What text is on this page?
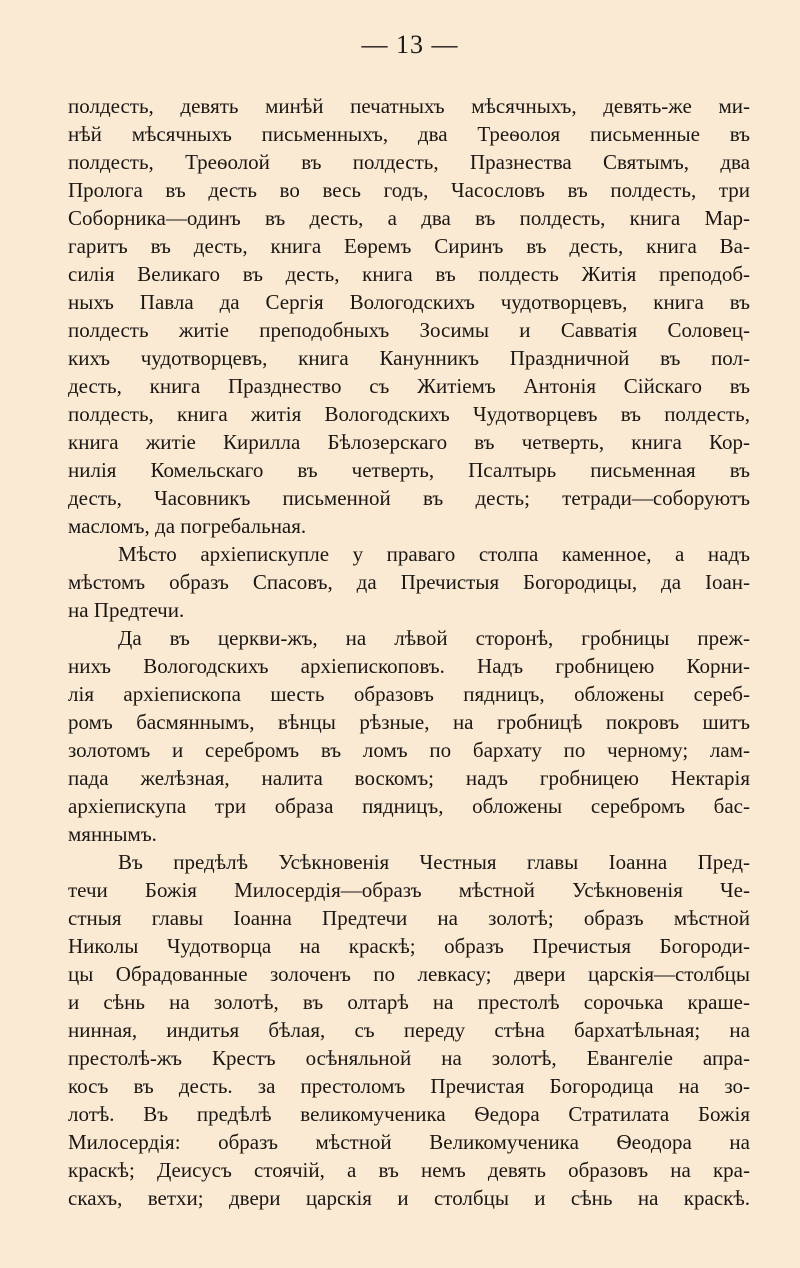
— 13 —
полдесть, девять минѣй печатныхъ мѣсячныхъ, девять-же ми-
нѣй мѣсячныхъ письменныхъ, два Треѳолоя письменные въ
полдесть, Треѳолой въ полдесть, Празнества Святымъ, два
Пролога въ десть во весь годъ, Часословъ въ полдесть, три
Соборника—одинъ въ десть, а два въ полдесть, книга Мар-
гаритъ въ десть, книга Еѳремъ Сиринъ въ десть, книга Ва-
силія Великаго въ десть, книга въ полдесть Житія преподоб-
ныхъ Павла да Сергія Вологодскихъ чудотворцевъ, книга въ
полдесть житіе преподобныхъ Зосимы и Савватія Соловец-
кихъ чудотворцевъ, книга Канунникъ Праздничной въ пол-
десть, книга Празднество съ Житіемъ Антонія Сійскаго въ
полдесть, книга житія Вологодскихъ Чудотворцевъ въ полдесть,
книга житіе Кирилла Бѣлозерскаго въ четверть, книга Кор-
нилія Комельскаго въ четверть, Псалтырь письменная въ
десть, Часовникъ письменной въ десть; тетради—соборуютъ
масломъ, да погребальная.
Мѣсто архіепискупле у праваго столпа каменное, а надъ
мѣстомъ образъ Спасовъ, да Пречистыя Богородицы, да Іоан-
на Предтечи.
Да въ церкви-жъ, на лѣвой сторонѣ, гробницы преж-
нихъ Вологодскихъ архіепископовъ. Надъ гробницею Корни-
лія архіепископа шесть образовъ пядницъ, обложены сереб-
ромъ басмяннымъ, вѣнцы рѣзные, на гробницѣ покровъ шитъ
золотомъ и серебромъ въ ломъ по бархату по черному; лам-
пада желѣзная, налита воскомъ; надъ гробницею Нектарія
архіепискупа три образа пядницъ, обложены серебромъ бас-
мяннымъ.
Въ предѣлѣ Усѣкновенія Честныя главы Іоанна Пред-
течи Божія Милосердія—образъ мѣстной Усѣкновенія Че-
стныя главы Іоанна Предтечи на золотѣ; образъ мѣстной
Николы Чудотворца на краскѣ; образъ Пречистыя Богороди-
цы Обрадованные золоченъ по левкасу; двери царскія—столбцы
и сѣнь на золотѣ, въ олтарѣ на престолѣ сорочька краше-
нинная, индитья бѣлая, съ переду стѣна бархатѣльная; на
престолѣ-жъ Крестъ осѣняльной на золотѣ, Евангеліе апра-
косъ въ десть. за престоломъ Пречистая Богородица на зо-
лотѣ. Въ предѣлѣ великомученика Ѳедора Стратилата Божія
Милосердія: образъ мѣстной Великомученика Ѳеодора на
краскѣ; Деисусъ стоячій, а въ немъ девять образовъ на кра-
скахъ, ветхи; двери царскія и столбцы и сѣнь на краскѣ.
